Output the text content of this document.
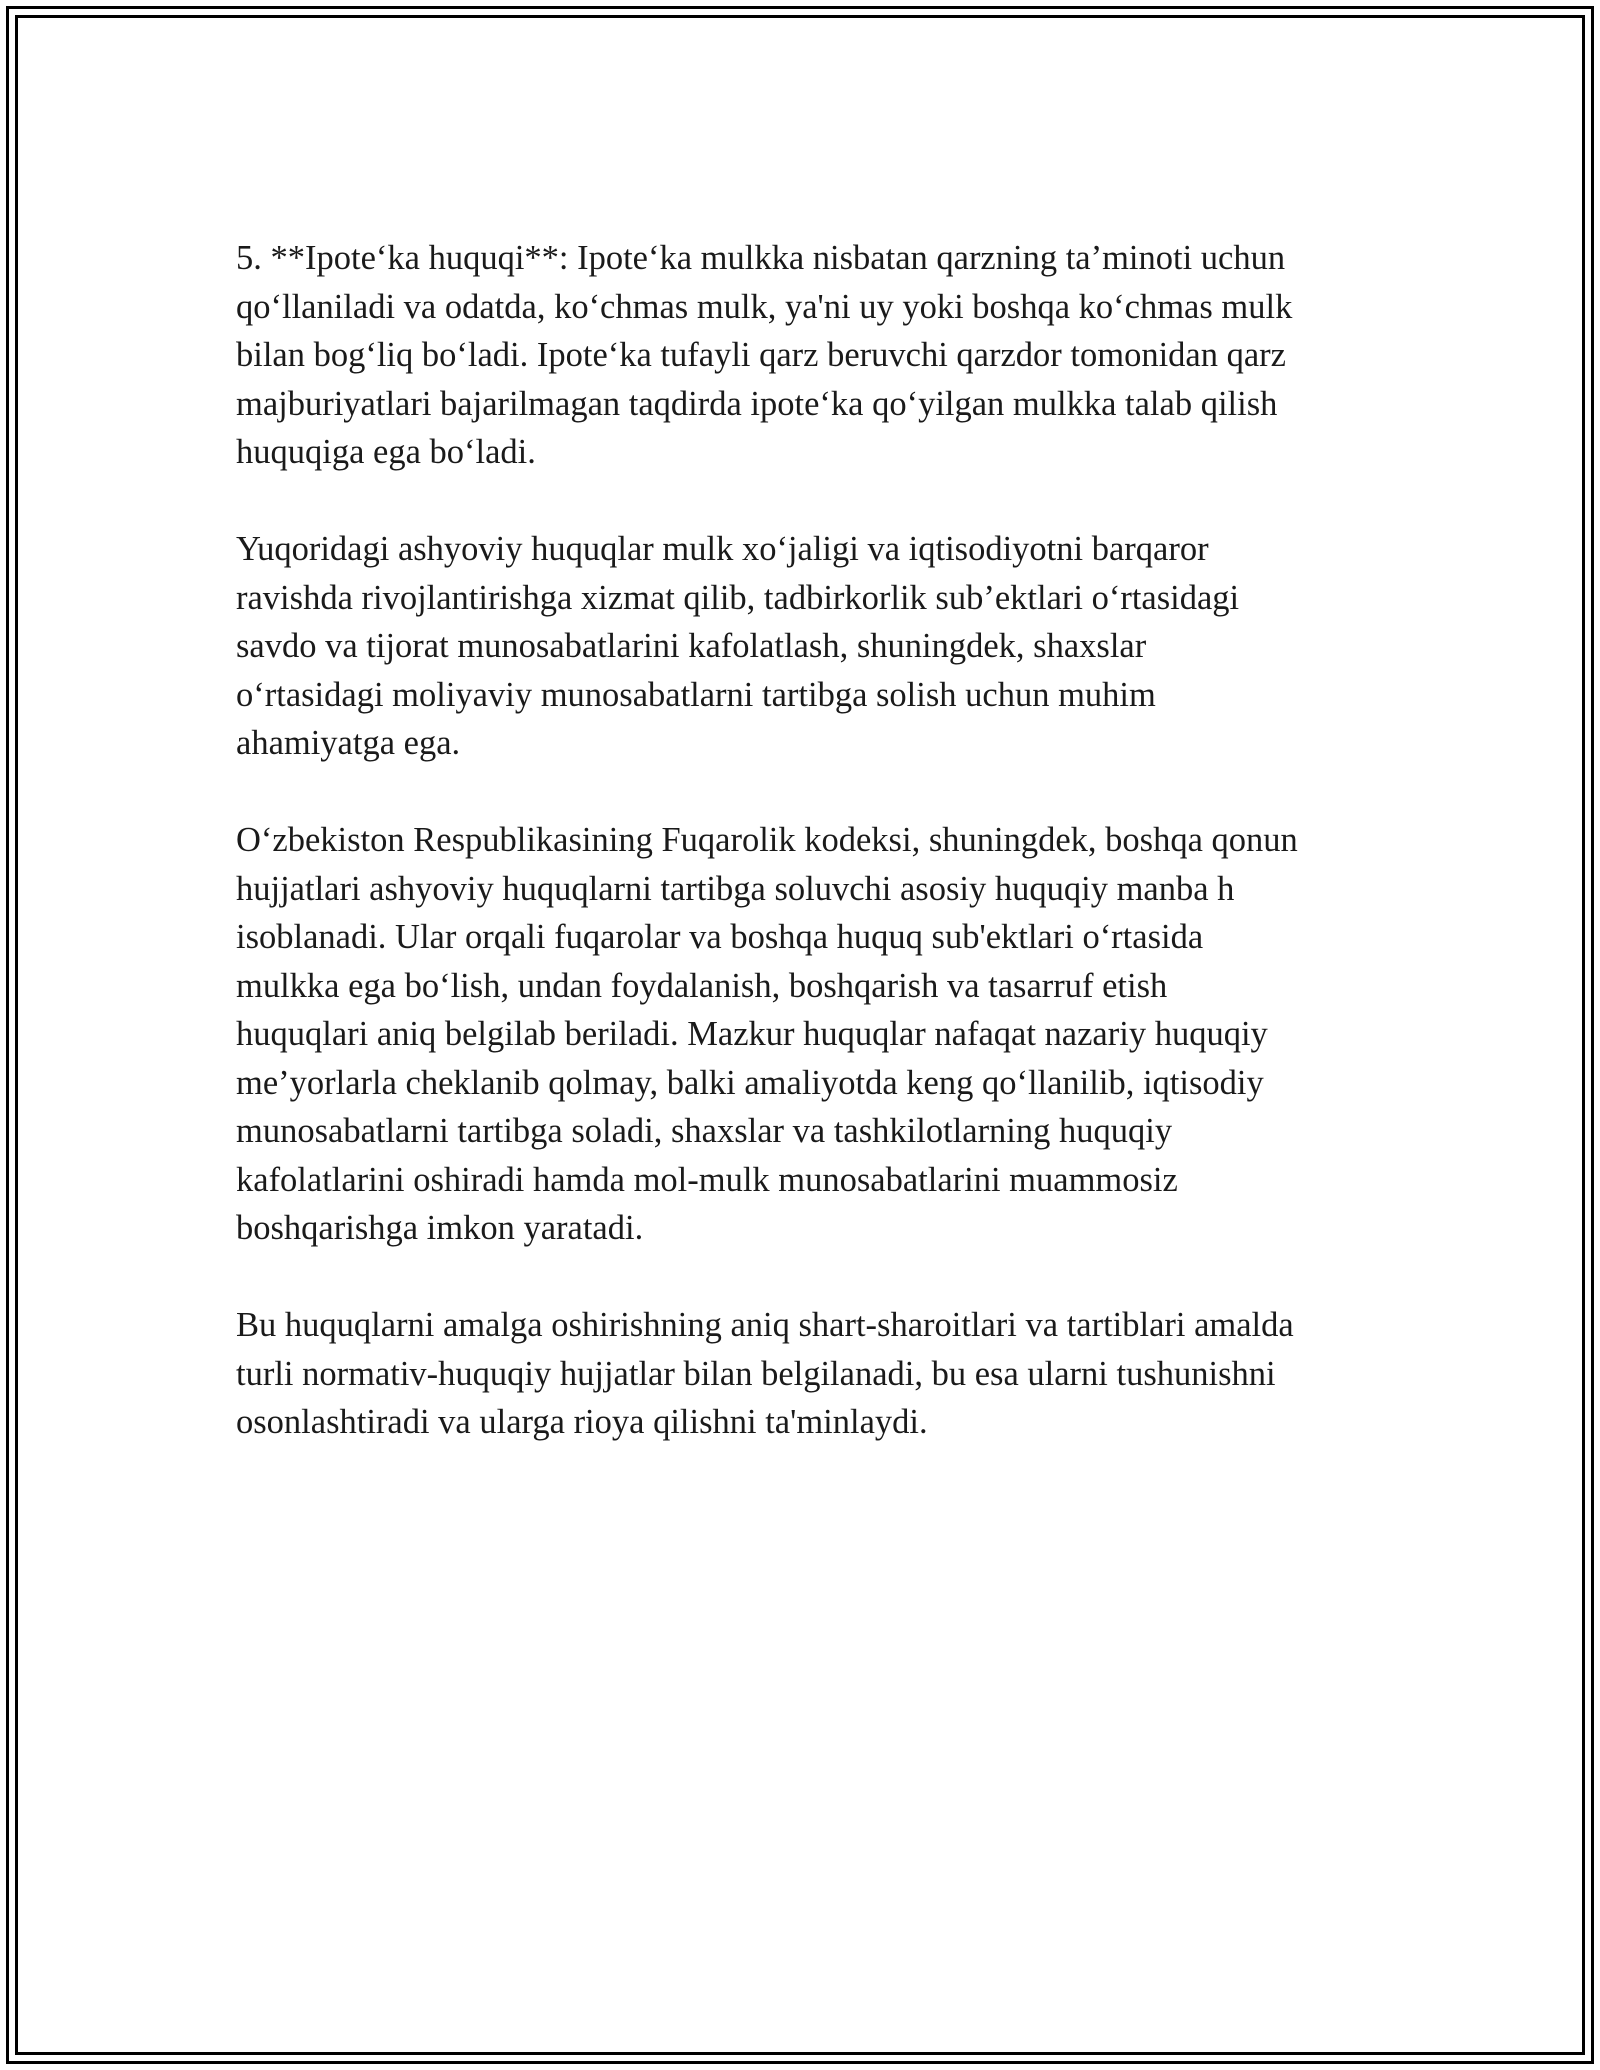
5. **Ipote‘ka huquqi**: Ipote‘ka mulkka nisbatan qarzning ta’minoti uchun
qo‘llaniladi va odatda, ko‘chmas mulk, ya'ni uy yoki boshqa ko‘chmas mulk
bilan bog‘liq bo‘ladi. Ipote‘ka tufayli qarz beruvchi qarzdor tomonidan qarz
majburiyatlari bajarilmagan taqdirda ipote‘ka qo‘yilgan mulkka talab qilish
huquqiga ega bo‘ladi.

Yuqoridagi ashyoviy huquqlar mulk xo‘jaligi va iqtisodiyotni barqaror
ravishda rivojlantirishga xizmat qilib, tadbirkorlik sub’ektlari o‘rtasidagi
savdo va tijorat munosabatlarini kafolatlash, shuningdek, shaxslar
o‘rtasidagi moliyaviy munosabatlarni tartibga solish uchun muhim
ahamiyatga ega.

O‘zbekiston Respublikasining Fuqarolik kodeksi, shuningdek, boshqa qonun
hujjatlari ashyoviy huquqlarni tartibga soluvchi asosiy huquqiy manba h
isoblanadi. Ular orqali fuqarolar va boshqa huquq sub'ektlari o‘rtasida
mulkka ega bo‘lish, undan foydalanish, boshqarish va tasarruf etish
huquqlari aniq belgilab beriladi. Mazkur huquqlar nafaqat nazariy huquqiy
me’yorlarla cheklanib qolmay, balki amaliyotda keng qo‘llanilib, iqtisodiy
munosabatlarni tartibga soladi, shaxslar va tashkilotlarning huquqiy
kafolatlarini oshiradi hamda mol-mulk munosabatlarini muammosiz
boshqarishga imkon yaratadi.

Bu huquqlarni amalga oshirishning aniq shart-sharoitlari va tartiblari amalda
turli normativ-huquqiy hujjatlar bilan belgilanadi, bu esa ularni tushunishni
osonlashtiradi va ularga rioya qilishni ta'minlaydi.
